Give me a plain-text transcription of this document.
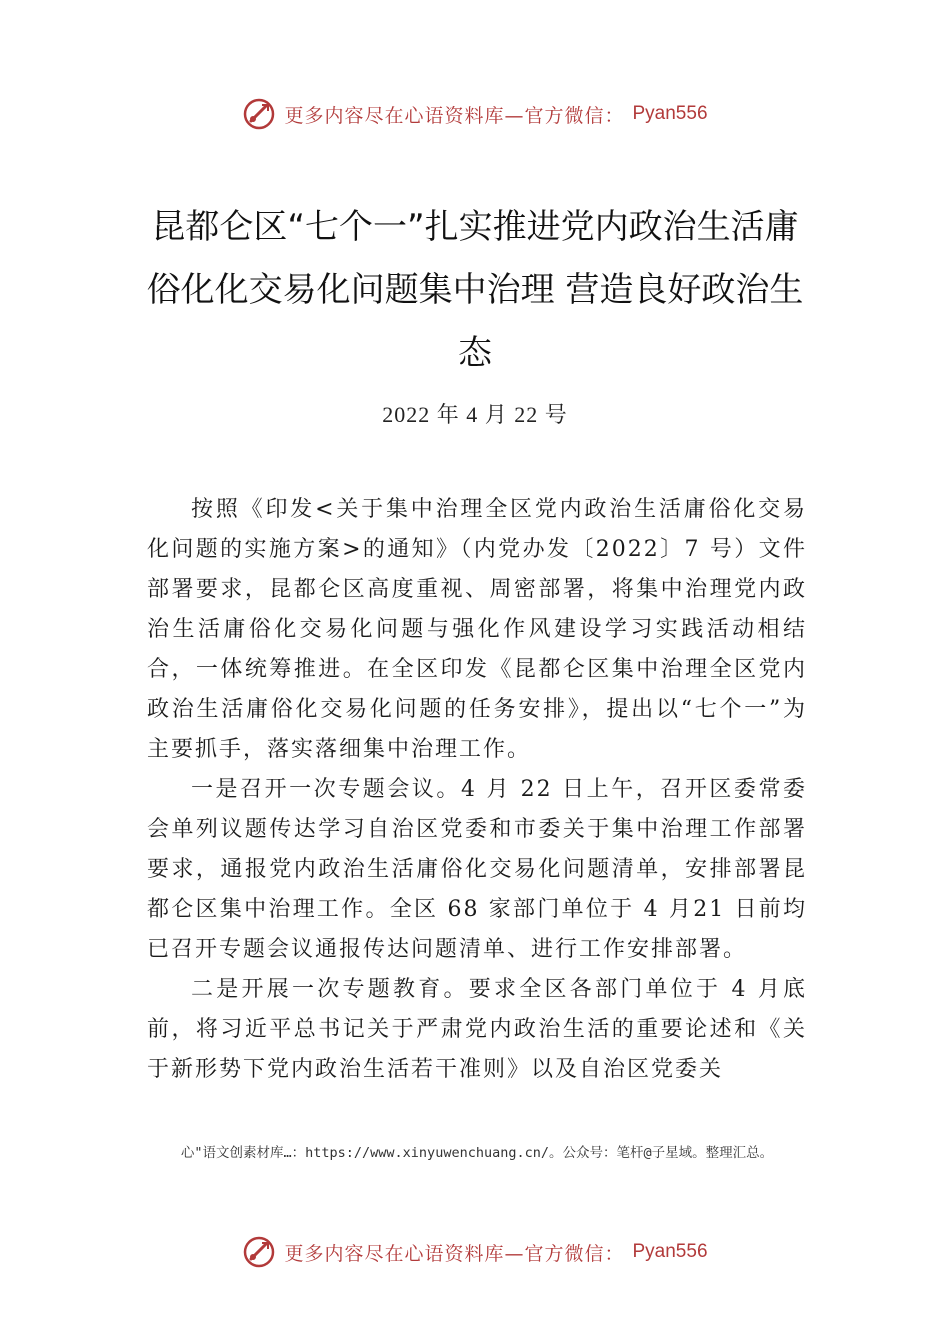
更多内容尽在心语资料库—官方微信： Pyan556
昆都仑区“七个一”扎实推进党内政治生活庸俗化化交易化问题集中治理 营造良好政治生态
2022 年 4 月 22 号

按照《印发<关于集中治理全区党内政治生活庸俗化交易化问题的实施方案>的通知》（内党办发〔2022〕7 号）文件部署要求，昆都仑区高度重视、周密部署，将集中治理党内政治生活庸俗化交易化问题与强化作风建设学习实践活动相结合，一体统筹推进。在全区印发《昆都仑区集中治理全区党内政治生活庸俗化交易化问题的任务安排》，提出以“七个一”为主要抓手，落实落细集中治理工作。

一是召开一次专题会议。4 月 22 日上午，召开区委常委会单列议题传达学习自治区党委和市委关于集中治理工作部署要求，通报党内政治生活庸俗化交易化问题清单，安排部署昆都仑区集中治理工作。全区 68 家部门单位于 4 月21 日前均已召开专题会议通报传达问题清单、进行工作安排部署。

二是开展一次专题教育。要求全区各部门单位于 4 月底前，将习近平总书记关于严肃党内政治生活的重要论述和《关于新形势下党内政治生活若干准则》以及自治区党委关

心"语文创素材库…：https://www.xinyuwenchuang.cn/。公众号：笔杆@子星域。整理汇总。
更多内容尽在心语资料库—官方微信： Pyan556
